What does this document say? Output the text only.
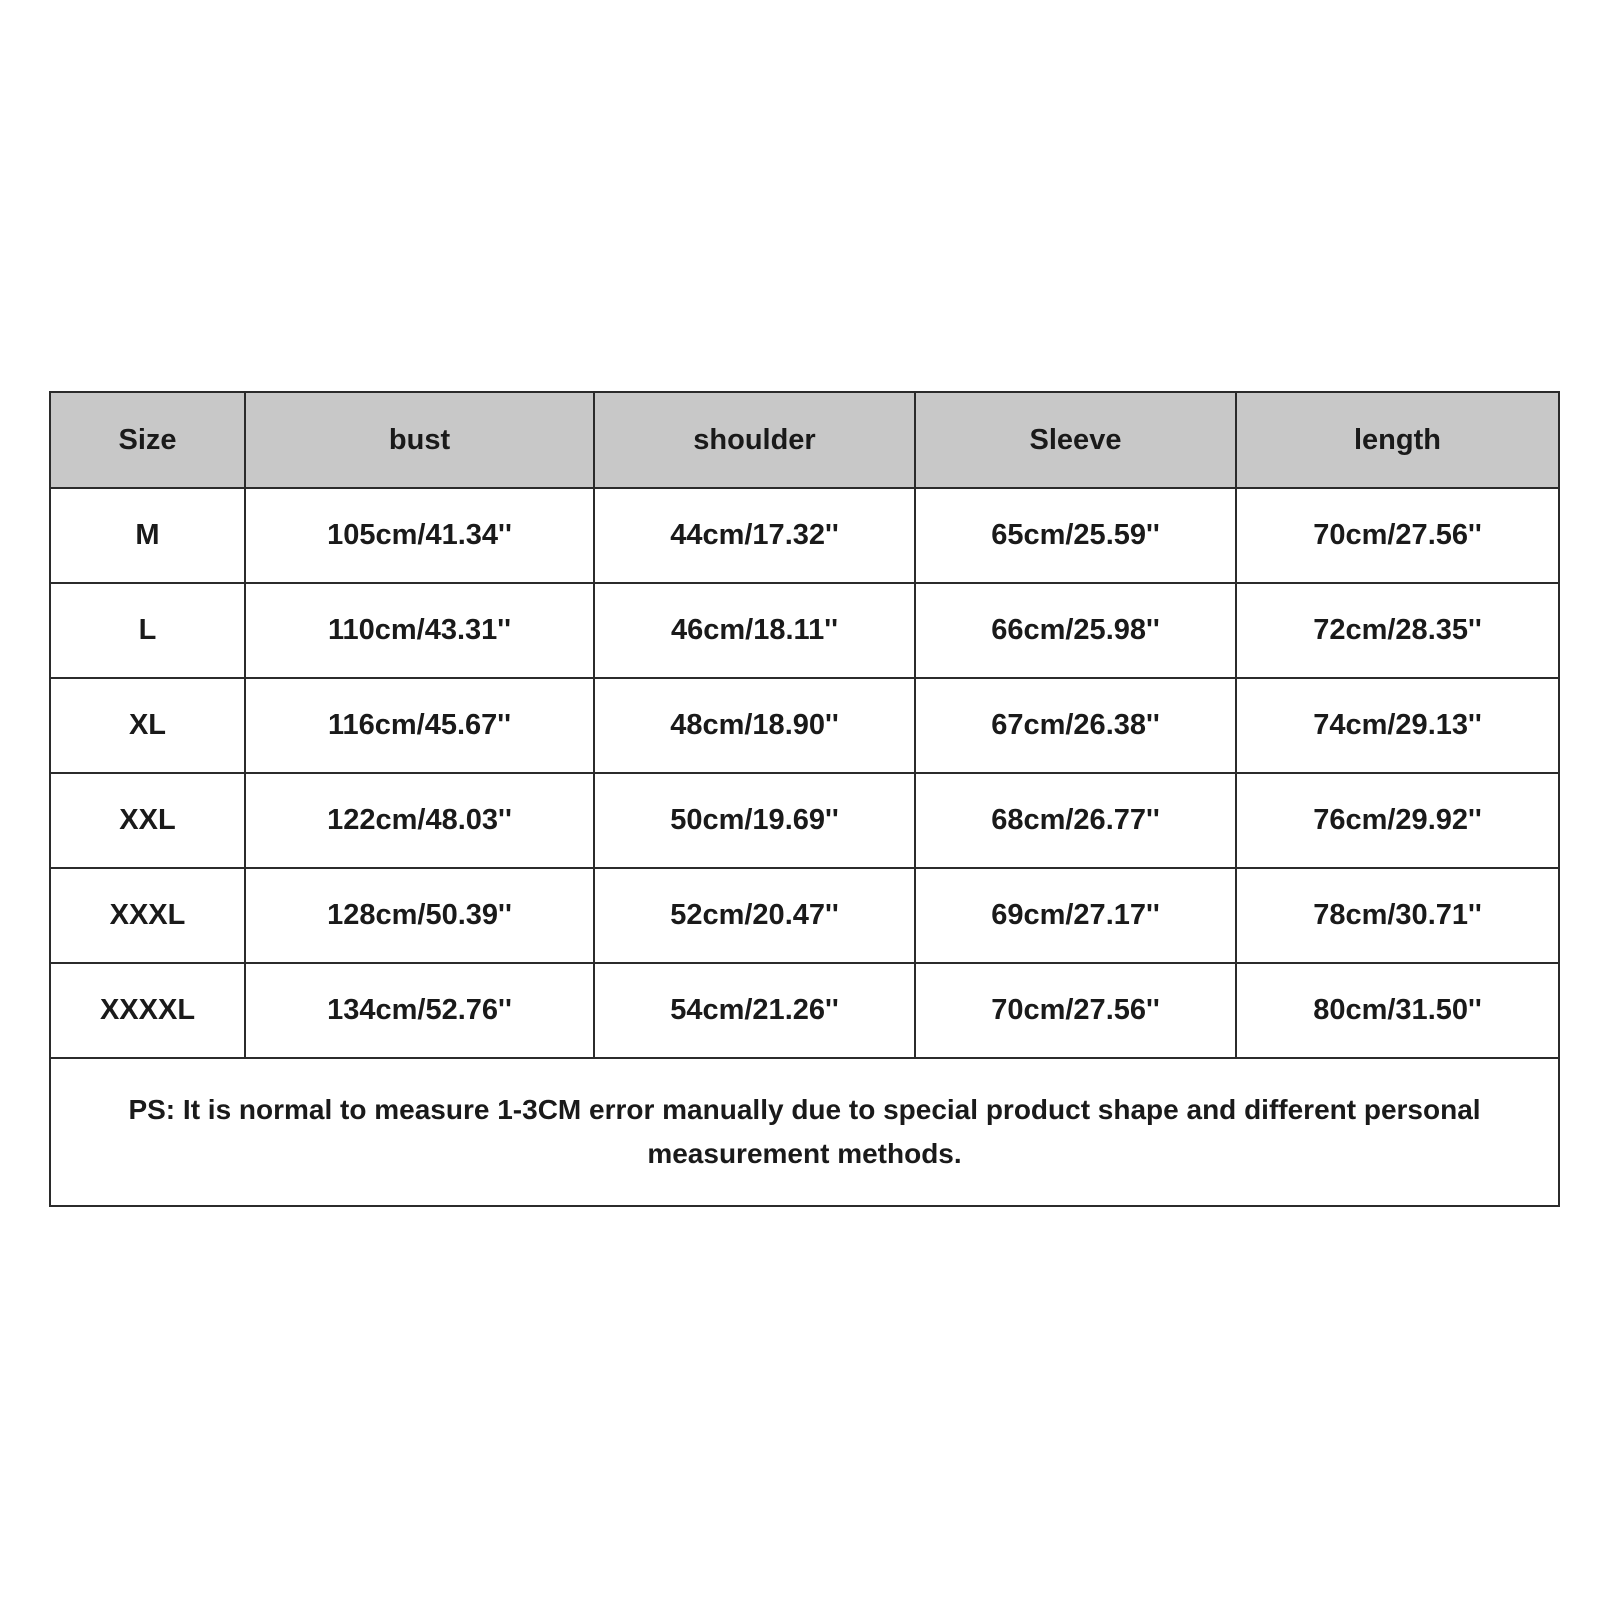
Size	bust	shoulder	Sleeve	length
M	105cm/41.34''	44cm/17.32''	65cm/25.59''	70cm/27.56''
L	110cm/43.31''	46cm/18.11''	66cm/25.98''	72cm/28.35''
XL	116cm/45.67''	48cm/18.90''	67cm/26.38''	74cm/29.13''
XXL	122cm/48.03''	50cm/19.69''	68cm/26.77''	76cm/29.92''
XXXL	128cm/50.39''	52cm/20.47''	69cm/27.17''	78cm/30.71''
XXXXL	134cm/52.76''	54cm/21.26''	70cm/27.56''	80cm/31.50''
PS: It is normal to measure 1-3CM error manually due to special product shape and different personal measurement methods.				
